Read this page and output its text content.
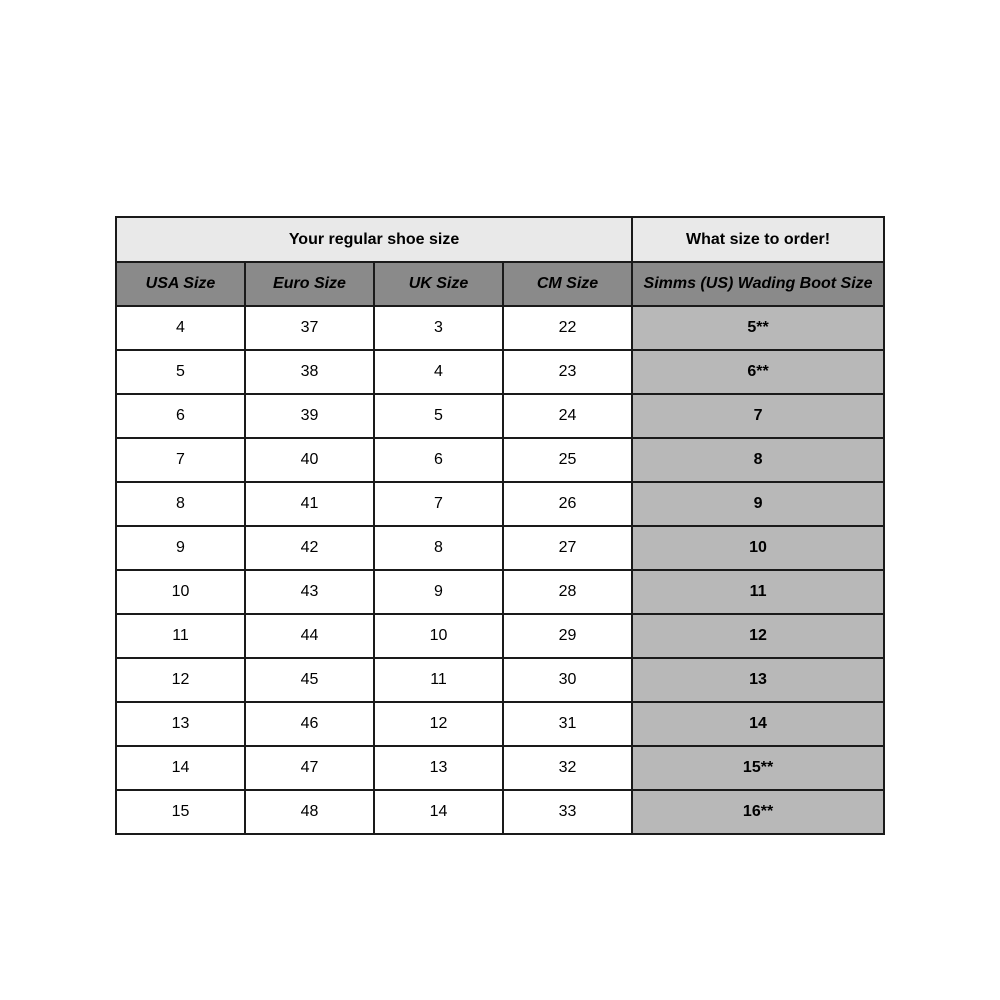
Your regular shoe size				What size to order!
USA Size	Euro Size	UK Size	CM Size	Simms (US) Wading Boot Size
4	37	3	22	5**
5	38	4	23	6**
6	39	5	24	7
7	40	6	25	8
8	41	7	26	9
9	42	8	27	10
10	43	9	28	11
11	44	10	29	12
12	45	11	30	13
13	46	12	31	14
14	47	13	32	15**
15	48	14	33	16**
